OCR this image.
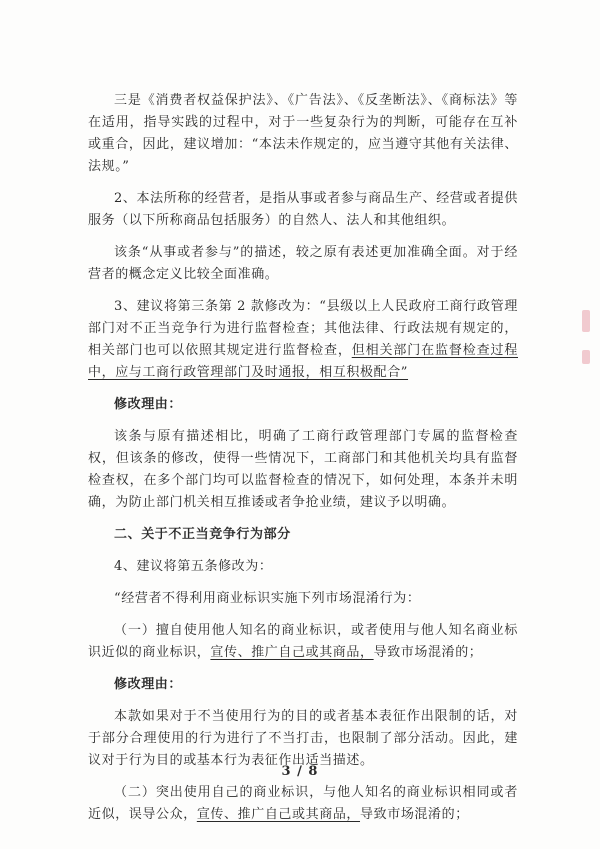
三是《消费者权益保护法》、《广告法》、《反垄断法》、《商标法》等在适用，指导实践的过程中，对于一些复杂行为的判断，可能存在互补或重合，因此，建议增加：“本法未作规定的，应当遵守其他有关法律、法规。”

2、本法所称的经营者，是指从事或者参与商品生产、经营或者提供服务（以下所称商品包括服务）的自然人、法人和其他组织。

该条“从事或者参与”的描述，较之原有表述更加准确全面。对于经营者的概念定义比较全面准确。

3、建议将第三条第 2 款修改为：“县级以上人民政府工商行政管理部门对不正当竞争行为进行监督检查；其他法律、行政法规有规定的，相关部门也可以依照其规定进行监督检查，但相关部门在监督检查过程中，应与工商行政管理部门及时通报，相互积极配合”

修改理由：

该条与原有描述相比，明确了工商行政管理部门专属的监督检查权，但该条的修改，使得一些情况下，工商部门和其他机关均具有监督检查权，在多个部门均可以监督检查的情况下，如何处理，本条并未明确，为防止部门机关相互推诿或者争抢业绩，建议予以明确。

二、关于不正当竞争行为部分

4、建议将第五条修改为：

“经营者不得利用商业标识实施下列市场混淆行为：

（一）擅自使用他人知名的商业标识，或者使用与他人知名商业标识近似的商业标识，宣传、推广自己或其商品，导致市场混淆的；

修改理由：

本款如果对于不当使用行为的目的或者基本表征作出限制的话，对于部分合理使用的行为进行了不当打击，也限制了部分活动。因此，建议对于行为目的或基本行为表征作出适当描述。

（二）突出使用自己的商业标识，与他人知名的商业标识相同或者近似，误导公众，宣传、推广自己或其商品，导致市场混淆的；

3 / 8
